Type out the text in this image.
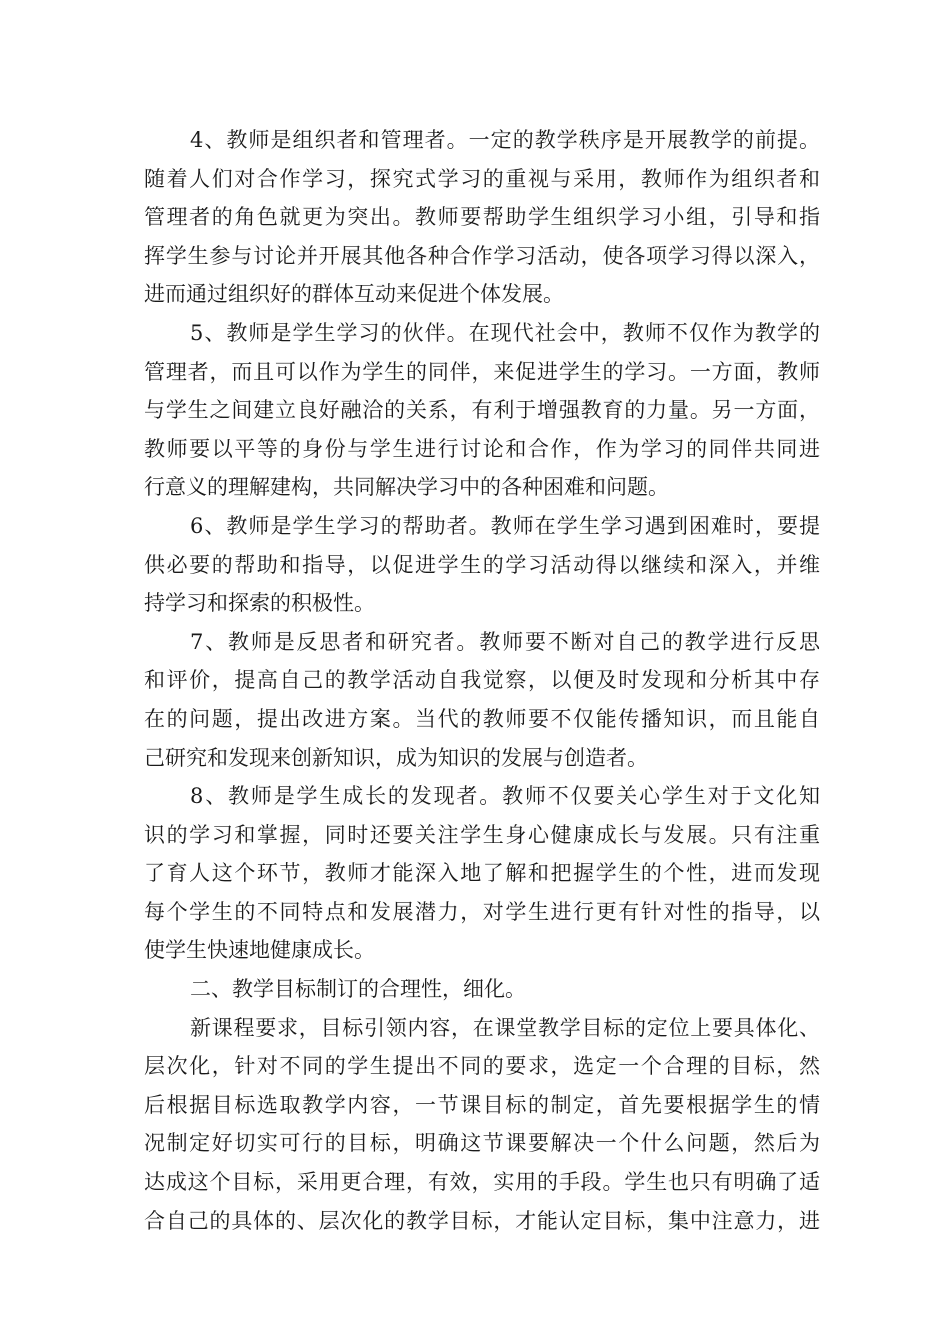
4、教师是组织者和管理者。一定的教学秩序是开展教学的前提。
随着人们对合作学习，探究式学习的重视与采用，教师作为组织者和
管理者的角色就更为突出。教师要帮助学生组织学习小组，引导和指
挥学生参与讨论并开展其他各种合作学习活动，使各项学习得以深入，
进而通过组织好的群体互动来促进个体发展。
5、教师是学生学习的伙伴。在现代社会中，教师不仅作为教学的
管理者，而且可以作为学生的同伴，来促进学生的学习。一方面，教师
与学生之间建立良好融洽的关系，有利于增强教育的力量。另一方面，
教师要以平等的身份与学生进行讨论和合作，作为学习的同伴共同进
行意义的理解建构，共同解决学习中的各种困难和问题。
6、教师是学生学习的帮助者。教师在学生学习遇到困难时，要提
供必要的帮助和指导，以促进学生的学习活动得以继续和深入，并维
持学习和探索的积极性。
7、教师是反思者和研究者。教师要不断对自己的教学进行反思
和评价，提高自己的教学活动自我觉察，以便及时发现和分析其中存
在的问题，提出改进方案。当代的教师要不仅能传播知识，而且能自
己研究和发现来创新知识，成为知识的发展与创造者。
8、教师是学生成长的发现者。教师不仅要关心学生对于文化知
识的学习和掌握，同时还要关注学生身心健康成长与发展。只有注重
了育人这个环节，教师才能深入地了解和把握学生的个性，进而发现
每个学生的不同特点和发展潜力，对学生进行更有针对性的指导，以
使学生快速地健康成长。
二、教学目标制订的合理性，细化。
新课程要求，目标引领内容，在课堂教学目标的定位上要具体化、
层次化，针对不同的学生提出不同的要求，选定一个合理的目标，然
后根据目标选取教学内容，一节课目标的制定，首先要根据学生的情
况制定好切实可行的目标，明确这节课要解决一个什么问题，然后为
达成这个目标，采用更合理，有效，实用的手段。学生也只有明确了适
合自己的具体的、层次化的教学目标，才能认定目标，集中注意力，进
